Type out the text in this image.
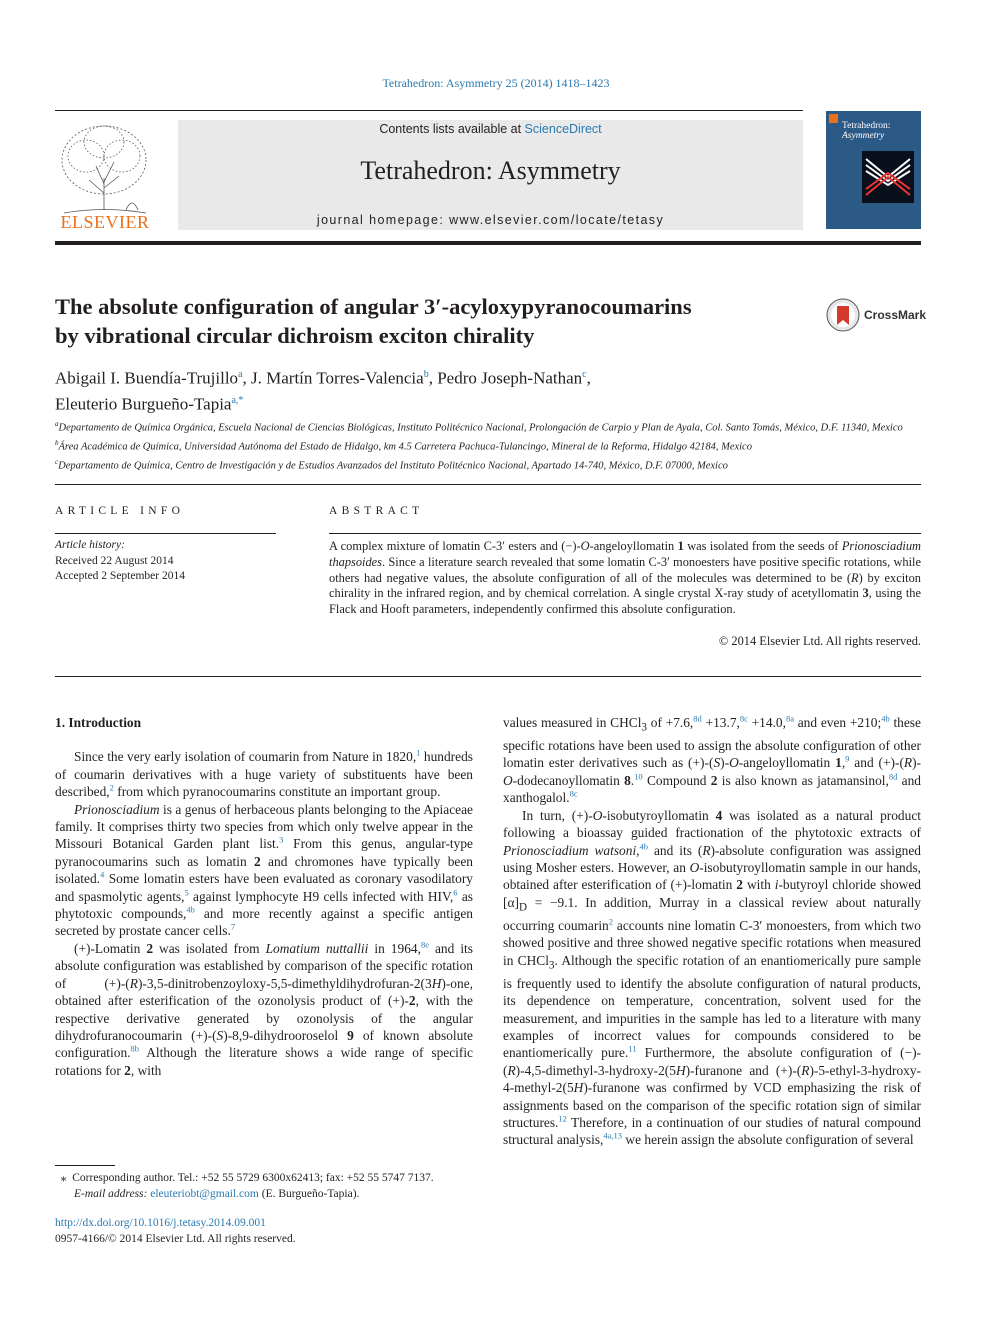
Tetrahedron: Asymmetry 25 (2014) 1418–1423
ELSEVIER
Contents lists available at ScienceDirect
Tetrahedron: Asymmetry
journal homepage: www.elsevier.com/locate/tetasy
Tetrahedron:
Asymmetry
The absolute configuration of angular 3′-acyloxypyranocoumarins
by vibrational circular dichroism exciton chirality
CrossMark
Abigail I. Buendía-Trujillo$^a$, J. Martín Torres-Valencia$^b$, Pedro Joseph-Nathan$^c$,
Eleuterio Burgueño-Tapia$^{a,*}$
$^a$Departamento de Química Orgánica, Escuela Nacional de Ciencias Biológicas, Instituto Politécnico Nacional, Prolongación de Carpio y Plan de Ayala, Col. Santo Tomás, México, D.F. 11340, Mexico
$^b$Área Académica de Química, Universidad Autónoma del Estado de Hidalgo, km 4.5 Carretera Pachuca-Tulancingo, Mineral de la Reforma, Hidalgo 42184, Mexico
$^c$Departamento de Química, Centro de Investigación y de Estudios Avanzados del Instituto Politécnico Nacional, Apartado 14-740, México, D.F. 07000, Mexico
ARTICLE INFO
Article history:
Received 22 August 2014
Accepted 2 September 2014
ABSTRACT
A complex mixture of lomatin C-3′ esters and (−)-O-angeloyllomatin 1 was isolated from the seeds of Prionosciadium thapsoides. Since a literature search revealed that some lomatin C-3′ monoesters have positive specific rotations, while others had negative values, the absolute configuration of all of the molecules was determined to be (R) by exciton chirality in the infrared region, and by chemical correlation. A single crystal X-ray study of acetyllomatin 3, using the Flack and Hooft parameters, independently confirmed this absolute configuration.
© 2014 Elsevier Ltd. All rights reserved.
1. Introduction

Since the very early isolation of coumarin from Nature in 1820,$^1$ hundreds of coumarin derivatives with a huge variety of substituents have been described,$^2$ from which pyranocoumarins constitute an important group.

Prionosciadium is a genus of herbaceous plants belonging to the Apiaceae family. It comprises thirty two species from which only twelve appear in the Missouri Botanical Garden plant list.$^3$ From this genus, angular-type pyranocoumarins such as lomatin 2 and chromones have typically been isolated.$^4$ Some lomatin esters have been evaluated as coronary vasodilatory and spasmolytic agents,$^5$ against lymphocyte H9 cells infected with HIV,$^6$ as phytotoxic compounds,$^{4b}$ and more recently against a specific antigen secreted by prostate cancer cells.$^7$

(+)-Lomatin 2 was isolated from Lomatium nuttallii in 1964,$^{8e}$ and its absolute configuration was established by comparison of the specific rotation of (+)-(R)-3,5-dinitrobenzoyloxy-5,5-dimethyldihydrofuran-2(3H)-one, obtained after esterification of the ozonolysis product of (+)-2, with the respective derivative generated by ozonolysis of the angular dihydrofuranocoumarin (+)-(S)-8,9-dihydrooroselol 9 of known absolute configuration.$^{8b}$ Although the literature shows a wide range of specific rotations for 2, with

values measured in CHCl$_3$ of +7.6,$^{8d}$ +13.7,$^{8c}$ +14.0,$^{8a}$ and even +210;$^{4b}$ these specific rotations have been used to assign the absolute configuration of other lomatin ester derivatives such as (+)-(S)-O-angeloyllomatin 1,$^9$ and (+)-(R)-O-dodecanoyllomatin 8.10 Compound 2 is also known as jatamansinol,$^{8d}$ and xanthogalol.$^{8c}$

In turn, (+)-O-isobutyroyllomatin 4 was isolated as a natural product following a bioassay guided fractionation of the phytotoxic extracts of Prionosciadium watsoni,$^{4b}$ and its (R)-absolute configuration was assigned using Mosher esters. However, an O-isobutyroyllomatin sample in our hands, obtained after esterification of (+)-lomatin 2 with i-butyroyl chloride showed $[\alpha]_D = -9.1$. In addition, Murray in a classical review about naturally occurring coumarin$^2$ accounts nine lomatin C-3′ monoesters, from which two showed positive and three showed negative specific rotations when measured in CHCl$_3$. Although the specific rotation of an enantiomerically pure sample is frequently used to identify the absolute configuration of natural products, its dependence on temperature, concentration, solvent used for the measurement, and impurities in the sample has led to a literature with many examples of incorrect values for compounds considered to be enantiomerically pure.$^{11}$ Furthermore, the absolute configuration of (−)-(R)-4,5-dimethyl-3-hydroxy-2(5H)-furanone and (+)-(R)-5-ethyl-3-hydroxy-4-methyl-2(5H)-furanone was confirmed by VCD emphasizing the risk of assignments based on the comparison of the specific rotation sign of similar structures.$^{12}$ Therefore, in a continuation of our studies of natural compound structural analysis,$^{4a,13}$ we herein assign the absolute configuration of several

⁎  Corresponding author. Tel.: +52 55 5729 6300x62413; fax: +52 55 5747 7137.
E-mail address: eleuteriobt@gmail.com (E. Burgueño-Tapia).
http://dx.doi.org/10.1016/j.tetasy.2014.09.001
0957-4166/© 2014 Elsevier Ltd. All rights reserved.
